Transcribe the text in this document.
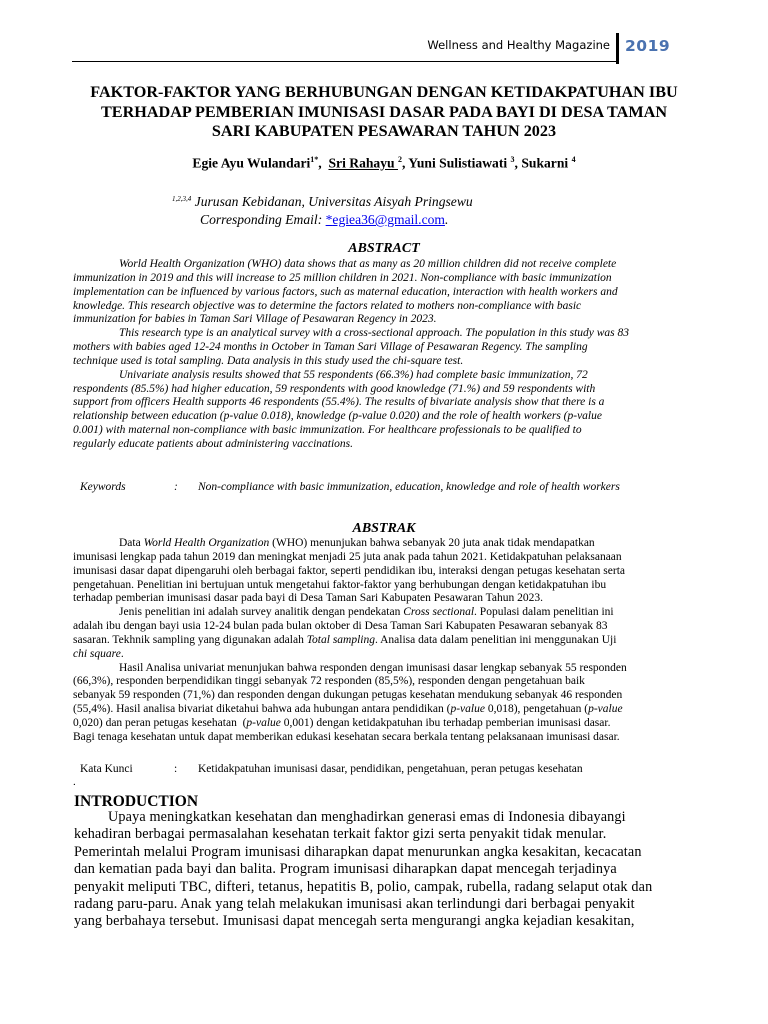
Wellness and Healthy Magazine 2019
FAKTOR-FAKTOR YANG BERHUBUNGAN DENGAN KETIDAKPATUHAN IBU
TERHADAP PEMBERIAN IMUNISASI DASAR PADA BAYI DI DESA TAMAN
SARI KABUPATEN PESAWARAN TAHUN 2023
Egie Ayu Wulandari$^{1*}$,  Sri Rahayu $^2$, Yuni Sulistiawati $^3$, Sukarni $^4$
$^{1,2,3,4}$ Jurusan Kebidanan, Universitas Aisyah Pringsewu
Corresponding Email: *egiea36@gmail.com.
ABSTRACT
World Health Organization (WHO) data shows that as many as 20 million children did not receive complete
immunization in 2019 and this will increase to 25 million children in 2021. Non-compliance with basic immunization
implementation can be influenced by various factors, such as maternal education, interaction with health workers and
knowledge. This research objective was to determine the factors related to mothers non-compliance with basic
immunization for babies in Taman Sari Village of Pesawaran Regency in 2023.
This research type is an analytical survey with a cross-sectional approach. The population in this study was 83
mothers with babies aged 12-24 months in October in Taman Sari Village of Pesawaran Regency. The sampling
technique used is total sampling. Data analysis in this study used the chi-square test.
Univariate analysis results showed that 55 respondents (66.3%) had complete basic immunization, 72
respondents (85.5%) had higher education, 59 respondents with good knowledge (71.%) and 59 respondents with
support from officers Health supports 46 respondents (55.4%). The results of bivariate analysis show that there is a
relationship between education (p-value 0.018), knowledge (p-value 0.020) and the role of health workers (p-value
0.001) with maternal non-compliance with basic immunization. For healthcare professionals to be qualified to
regularly educate patients about administering vaccinations.
Keywords	: Non-compliance with basic immunization, education, knowledge and role of health workers
ABSTRAK
Data World Health Organization (WHO) menunjukan bahwa sebanyak 20 juta anak tidak mendapatkan
imunisasi lengkap pada tahun 2019 dan meningkat menjadi 25 juta anak pada tahun 2021. Ketidakpatuhan pelaksanaan
imunisasi dasar dapat dipengaruhi oleh berbagai faktor, seperti pendidikan ibu, interaksi dengan petugas kesehatan serta
pengetahuan. Penelitian ini bertujuan untuk mengetahui faktor-faktor yang berhubungan dengan ketidakpatuhan ibu
terhadap pemberian imunisasi dasar pada bayi di Desa Taman Sari Kabupaten Pesawaran Tahun 2023.
Jenis penelitian ini adalah survey analitik dengan pendekatan Cross sectional. Populasi dalam penelitian ini
adalah ibu dengan bayi usia 12-24 bulan pada bulan oktober di Desa Taman Sari Kabupaten Pesawaran sebanyak 83
sasaran. Tekhnik sampling yang digunakan adalah Total sampling. Analisa data dalam penelitian ini menggunakan Uji
chi square.
Hasil Analisa univariat menunjukan bahwa responden dengan imunisasi dasar lengkap sebanyak 55 responden
(66,3%), responden berpendidikan tinggi sebanyak 72 responden (85,5%), responden dengan pengetahuan baik
sebanyak 59 responden (71,%) dan responden dengan dukungan petugas kesehatan mendukung sebanyak 46 responden
(55,4%). Hasil analisa bivariat diketahui bahwa ada hubungan antara pendidikan (p-value 0,018), pengetahuan (p-value
0,020) dan peran petugas kesehatan  (p-value 0,001) dengan ketidakpatuhan ibu terhadap pemberian imunisasi dasar.
Bagi tenaga kesehatan untuk dapat memberikan edukasi kesehatan secara berkala tentang pelaksanaan imunisasi dasar.
Kata Kunci	: Ketidakpatuhan imunisasi dasar, pendidikan, pengetahuan, peran petugas kesehatan
.
INTRODUCTION
Upaya meningkatkan kesehatan dan menghadirkan generasi emas di Indonesia dibayangi
kehadiran berbagai permasalahan kesehatan terkait faktor gizi serta penyakit tidak menular.
Pemerintah melalui Program imunisasi diharapkan dapat menurunkan angka kesakitan, kecacatan
dan kematian pada bayi dan balita. Program imunisasi diharapkan dapat mencegah terjadinya
penyakit meliputi TBC, difteri, tetanus, hepatitis B, polio, campak, rubella, radang selaput otak dan
radang paru-paru. Anak yang telah melakukan imunisasi akan terlindungi dari berbagai penyakit
yang berbahaya tersebut. Imunisasi dapat mencegah serta mengurangi angka kejadian kesakitan,
